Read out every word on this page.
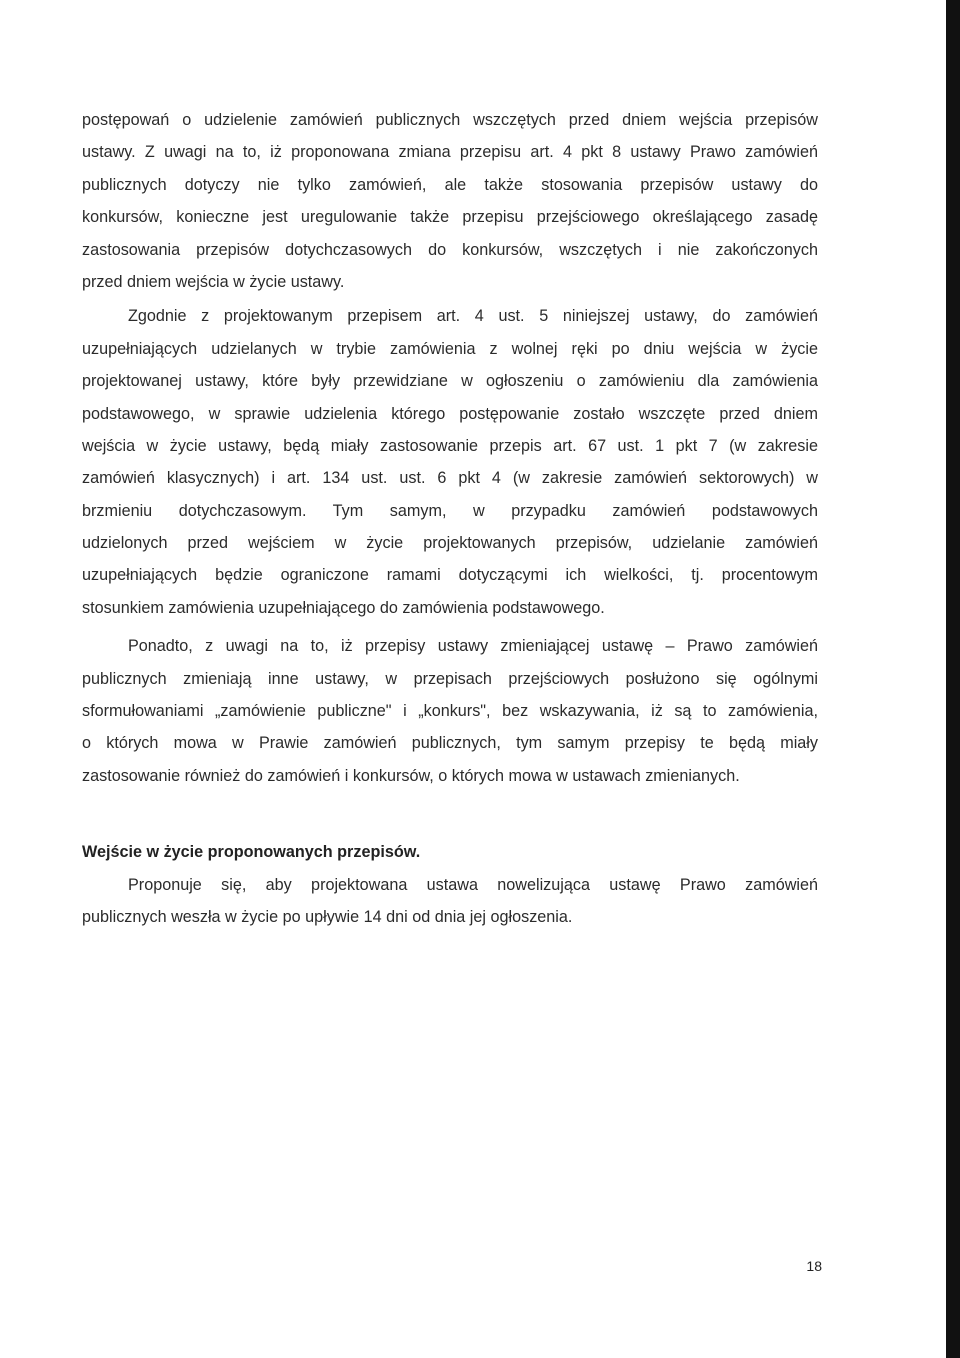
postępowań o udzielenie zamówień publicznych wszczętych przed dniem wejścia przepisów
ustawy. Z uwagi na to, iż proponowana zmiana przepisu art. 4 pkt 8 ustawy Prawo zamówień
publicznych dotyczy nie tylko zamówień, ale także stosowania przepisów ustawy do
konkursów, konieczne jest uregulowanie także przepisu przejściowego określającego zasadę
zastosowania przepisów dotychczasowych do konkursów, wszczętych i nie zakończonych
przed dniem wejścia w życie ustawy.
Zgodnie z projektowanym przepisem art. 4 ust. 5 niniejszej ustawy, do zamówień
uzupełniających udzielanych w trybie zamówienia z wolnej ręki po dniu wejścia w życie
projektowanej ustawy, które były przewidziane w ogłoszeniu o zamówieniu dla zamówienia
podstawowego, w sprawie udzielenia którego postępowanie zostało wszczęte przed dniem
wejścia w życie ustawy, będą miały zastosowanie przepis art. 67 ust. 1 pkt 7 (w zakresie
zamówień klasycznych) i art. 134 ust. ust. 6 pkt 4 (w zakresie zamówień sektorowych) w
brzmieniu dotychczasowym. Tym samym, w przypadku zamówień podstawowych
udzielonych przed wejściem w życie projektowanych przepisów, udzielanie zamówień
uzupełniających będzie ograniczone ramami dotyczącymi ich wielkości, tj. procentowym
stosunkiem zamówienia uzupełniającego do zamówienia podstawowego.
Ponadto, z uwagi na to, iż przepisy ustawy zmieniającej ustawę – Prawo zamówień
publicznych zmieniają inne ustawy, w przepisach przejściowych posłużono się ogólnymi
sformułowaniami „zamówienie publiczne" i „konkurs", bez wskazywania, iż są to zamówienia,
o których mowa w Prawie zamówień publicznych, tym samym przepisy te będą miały
zastosowanie również do zamówień i konkursów, o których mowa w ustawach zmienianych.
Wejście w życie proponowanych przepisów.
Proponuje się, aby projektowana ustawa nowelizująca ustawę Prawo zamówień
publicznych weszła w życie po upływie 14 dni od dnia jej ogłoszenia.
18
